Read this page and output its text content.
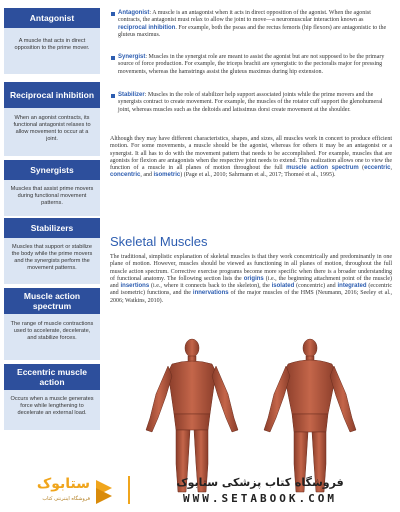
Antagonist
A muscle that acts in direct opposition to the prime mover.
Reciprocal inhibition
When an agonist contracts, its functional antagonist relaxes to allow movement to occur at a joint.
Synergists
Muscles that assist prime movers during functional movement patterns.
Stabilizers
Muscles that support or stabilize the body while the prime movers and the synergists perform the movement patterns.
Muscle action spectrum
The range of muscle contractions used to accelerate, decelerate, and stabilize forces.
Eccentric muscle action
Occurs when a muscle generates force while lengthening to decelerate an external load.
Antagonist: A muscle is an antagonist when it acts in direct opposition of the agonist. When the agonist contracts, the antagonist must relax to allow the joint to move—a neuromuscular interaction known as reciprocal inhibition. For example, both the psoas and the rectus femoris (hip flexors) are antagonistic to the gluteus maximus.
Synergist: Muscles in the synergist role are meant to assist the agonist but are not supposed to be the primary source of force production. For example, the triceps brachii are synergistic to the pectoralis major for pressing movements, whereas the hamstrings assist the gluteus maximus during hip extension.
Stabilizer: Muscles in the role of stabilizer help support associated joints while the prime movers and the synergists contract to create movement. For example, the muscles of the rotator cuff support the glenohumeral joint, whereas muscles such as the deltoids and latissimus dorsi create movement at the shoulder.
Although they may have different characteristics, shapes, and sizes, all muscles work in concert to produce efficient motion. For some movements, a muscle should be the agonist, whereas for others it may be an antagonist or a synergist. It all has to do with the movement pattern that needs to be accomplished. For example, muscles that are agonists for flexion are antagonists when the respective joint needs to extend. This realization allows one to view the function of a muscle in all planes of motion throughout the full muscle action spectrum (eccentric, concentric, and isometric) (Page et al., 2010; Sahrmann et al., 2017; Thomeé et al., 1995).
Skeletal Muscles
The traditional, simplistic explanation of skeletal muscles is that they work concentrically and predominantly in one plane of motion. However, muscles should be viewed as functioning in all planes of motion, throughout the full muscle action spectrum. Corrective exercise programs become more specific when there is a broader understanding of functional anatomy. The following section lists the origins (i.e., the beginning attachment point of the muscle) and insertions (i.e., where it connects back to the skeleton), the isolated (concentric) and integrated (eccentric and isometric) functions, and the innervations of the major muscles of the HMS (Neumann, 2016; Seeley et al., 2006; Watkins, 2010).
ستابوک
فروشگاه اینترنتی کتاب
فروشگاه کتاب پزشکی ستابوک
WWW.SETABOOK.COM
